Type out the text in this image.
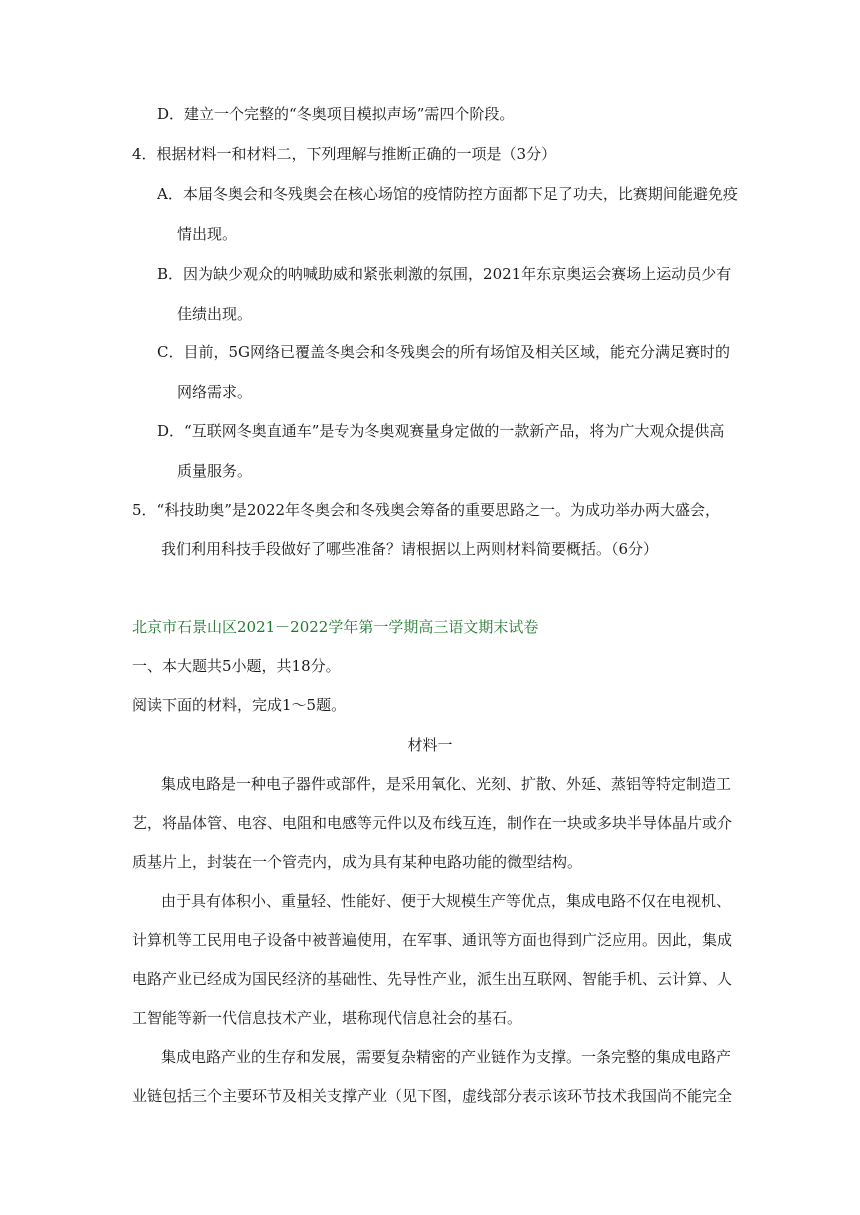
D．建立一个完整的“冬奥项目模拟声场”需四个阶段。
4．根据材料一和材料二，下列理解与推断正确的一项是（3分）
A．本届冬奥会和冬残奥会在核心场馆的疫情防控方面都下足了功夫，比赛期间能避免疫
情出现。
B．因为缺少观众的呐喊助威和紧张刺激的氛围，2021年东京奥运会赛场上运动员少有
佳绩出现。
C．目前，5G网络已覆盖冬奥会和冬残奥会的所有场馆及相关区域，能充分满足赛时的
网络需求。
D．“互联网冬奥直通车”是专为冬奥观赛量身定做的一款新产品，将为广大观众提供高
质量服务。
5．“科技助奥”是2022年冬奥会和冬残奥会筹备的重要思路之一。为成功举办两大盛会，
我们利用科技手段做好了哪些准备？请根据以上两则材料简要概括。（6分）
北京市石景山区2021－2022学年第一学期高三语文期末试卷
一、本大题共5小题，共18分。
阅读下面的材料，完成1～5题。
材料一
集成电路是一种电子器件或部件，是采用氧化、光刻、扩散、外延、蒸铝等特定制造工
艺，将晶体管、电容、电阻和电感等元件以及布线互连，制作在一块或多块半导体晶片或介
质基片上，封装在一个管壳内，成为具有某种电路功能的微型结构。
由于具有体积小、重量轻、性能好、便于大规模生产等优点，集成电路不仅在电视机、
计算机等工民用电子设备中被普遍使用，在军事、通讯等方面也得到广泛应用。因此，集成
电路产业已经成为国民经济的基础性、先导性产业，派生出互联网、智能手机、云计算、人
工智能等新一代信息技术产业，堪称现代信息社会的基石。
集成电路产业的生存和发展，需要复杂精密的产业链作为支撑。一条完整的集成电路产
业链包括三个主要环节及相关支撑产业（见下图，虚线部分表示该环节技术我国尚不能完全
